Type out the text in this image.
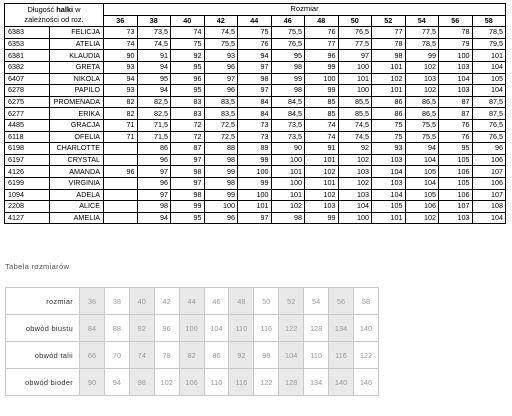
Długość halki w
zależności od roz.		Rozmiar											
		36	38	40	42	44	46	48	50	52	54	56	58
6383	FELICJA	73	73,5	74	74,5	75	75,5	76	76,5	77	77,5	78	78,5
6353	ATELIA	74	74,5	75	75,5	76	76,5	77	77,5	78	78,5	79	79,5
6381	KLAUDIA	90	91	92	93	94	95	96	97	98	99	100	101
6382	GRETA	93	94	95	96	97	98	99	100	101	102	103	104
6407	NIKOLA	94	95	96	97	98	99	100	101	102	103	104	105
6278	PAPILO	93	94	95	96	97	98	99	100	101	102	103	104
6275	PROMENADA	82	82,5	83	83,5	84	84,5	85	85,5	86	86,5	87	87,5
6277	ERIKA	82	82,5	83	83,5	84	84,5	85	85,5	86	86,5	87	87,5
4485	GRACJA	71	71,5	72	72,5	73	73,5	74	74,5	75	75,5	76	76,5
6118	OFELIA	71	71,5	72	72,5	73	73,5	74	74,5	75	75,5	76	76,5
6198	CHARLOTTE		86	87	88	89	90	91	92	93	94	95	96
6197	CRYSTAL		96	97	98	99	100	101	102	103	104	105	106
4126	AMANDA	96	97	98	99	100	101	102	103	104	105	106	107
6199	VIRGINIA		96	97	98	99	100	101	102	103	104	105	106
1094	ADELA		97	98	99	100	101	102	103	104	105	106	107
2208	ALICE		98	99	100	101	102	103	104	105	106	107	108
4127	AMELIA		94	95	96	97	98	99	100	101	102	103	104
Tabela rozmiarów
rozmiar	36	38	40	42	44	46	48	50	52	54	56	58
obwód biustu	84	88	92	96	100	104	110	116	122	128	134	140
obwód talii	66	70	74	78	82	86	92	98	104	110	116	122
obwód bioder	90	94	98	102	106	110	116	122	128	134	140	146
